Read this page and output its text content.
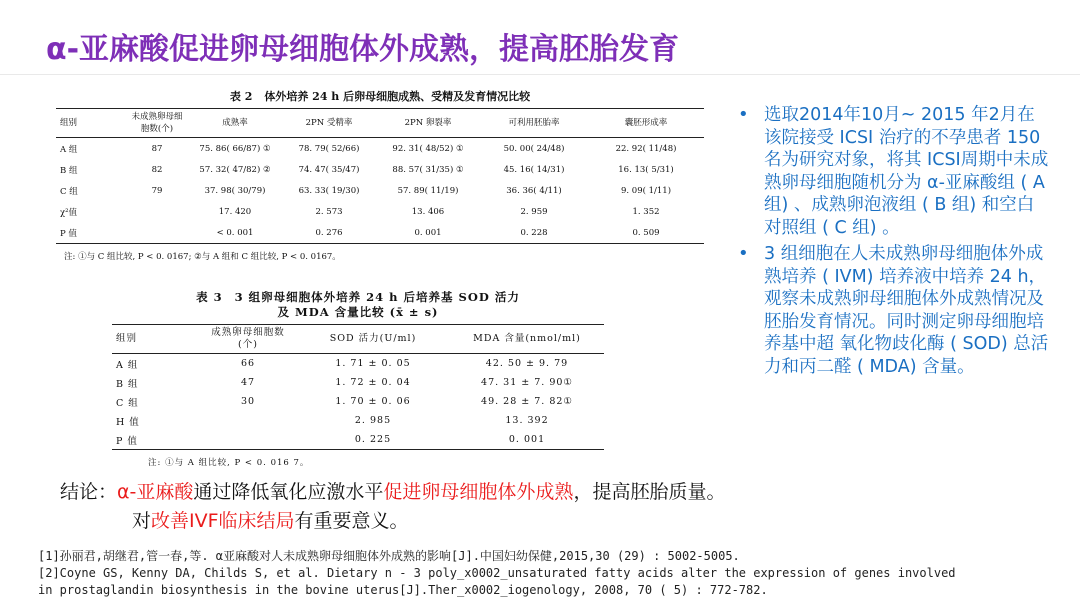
α-亚麻酸促进卵母细胞体外成熟，提高胚胎发育
表 2 体外培养 24 h 后卵母细胞成熟、受精及发育情况比较
组别	未成熟卵母细胞数(个)	成熟率	2PN 受精率	2PN 卵裂率	可利用胚胎率	囊胚形成率
A 组	87	75. 86( 66/87) ①	78. 79( 52/66)	92. 31( 48/52) ①	50. 00( 24/48)	22. 92( 11/48)
B 组	82	57. 32( 47/82) ②	74. 47( 35/47)	88. 57( 31/35) ①	45. 16( 14/31)	16. 13( 5/31)
C 组	79	37. 98( 30/79)	63. 33( 19/30)	57. 89( 11/19)	36. 36( 4/11)	9. 09( 1/11)
χ²值		17. 420	2. 573	13. 406	2. 959	1. 352
P 值		< 0. 001	0. 276	0. 001	0. 228	0. 509
注: ①与 C 组比较, P < 0. 0167; ②与 A 组和 C 组比较, P < 0. 0167。
表 3 3 组卵母细胞体外培养 24 h 后培养基 SOD 活力
及 MDA 含量比较 (x̄ ± s)
组别	成熟卵母细胞数(个)	SOD 活力(U/ml)	MDA 含量(nmol/ml)
A 组	66	1. 71 ± 0. 05	42. 50 ± 9. 79
B 组	47	1. 72 ± 0. 04	47. 31 ± 7. 90①
C 组	30	1. 70 ± 0. 06	49. 28 ± 7. 82①
H 值		2. 985	13. 392
P 值		0. 225	0. 001
注: ①与 A 组比较, P < 0. 016 7。
• 选取2014年10月~ 2015 年2月在该院接受 ICSI 治疗的不孕患者 150 名为研究对象，将其 ICSI周期中未成熟卵母细胞随机分为 α-亚麻酸组 ( A 组) 、成熟卵泡液组 ( B 组) 和空白对照组 ( C 组) 。
• 3 组细胞在人未成熟卵母细胞体外成熟培养 ( IVM) 培养液中培养 24 h，观察未成熟卵母细胞体外成熟情况及胚胎发育情况。同时测定卵母细胞培养基中超 氧化物歧化酶 ( SOD) 总活力和丙二醛 ( MDA) 含量。
结论：α-亚麻酸通过降低氧化应激水平促进卵母细胞体外成熟，提高胚胎质量。
对改善IVF临床结局有重要意义。
[1]孙丽君,胡继君,管一春,等. α亚麻酸对人未成熟卵母细胞体外成熟的影响[J].中国妇幼保健,2015,30 (29) : 5002-5005.
[2]Coyne GS, Kenny DA, Childs S, et al. Dietary n - 3 poly_x0002_unsaturated fatty acids alter the expression of genes involved
in prostaglandin biosynthesis in the bovine uterus[J].Ther_x0002_iogenology, 2008, 70 ( 5) : 772-782.
